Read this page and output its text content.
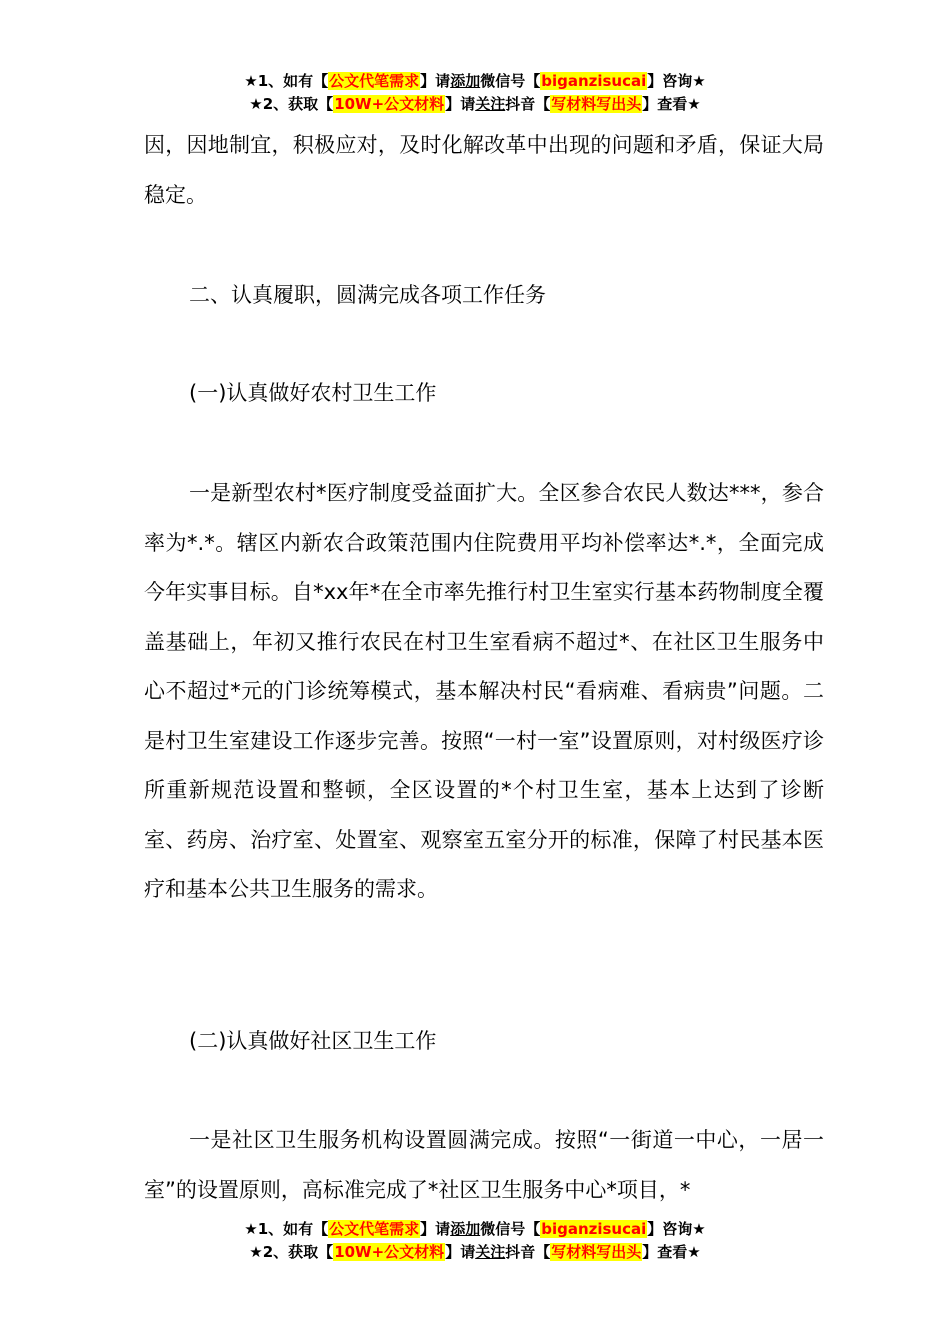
★1、如有【公文代笔需求】请添加微信号【biganzisucai】咨询★
★2、获取【10W+公文材料】请关注抖音【写材料写出头】查看★

因，因地制宜，积极应对，及时化解改革中出现的问题和矛盾，保证大局稳定。

二、认真履职，圆满完成各项工作任务
(一)认真做好农村卫生工作

一是新型农村*医疗制度受益面扩大。全区参合农民人数达***，参合率为*.*。辖区内新农合政策范围内住院费用平均补偿率达*.*，全面完成今年实事目标。自*xx年*在全市率先推行村卫生室实行基本药物制度全覆盖基础上，年初又推行农民在村卫生室看病不超过*、在社区卫生服务中心不超过*元的门诊统筹模式，基本解决村民“看病难、看病贵”问题。二是村卫生室建设工作逐步完善。按照“一村一室”设置原则，对村级医疗诊所重新规范设置和整顿，全区设置的*个村卫生室，基本上达到了诊断室、药房、治疗室、处置室、观察室五室分开的标准，保障了村民基本医疗和基本公共卫生服务的需求。

(二)认真做好社区卫生工作

一是社区卫生服务机构设置圆满完成。按照“一街道一中心，一居一室”的设置原则，高标准完成了*社区卫生服务中心*项目，*

★1、如有【公文代笔需求】请添加微信号【biganzisucai】咨询★
★2、获取【10W+公文材料】请关注抖音【写材料写出头】查看★
